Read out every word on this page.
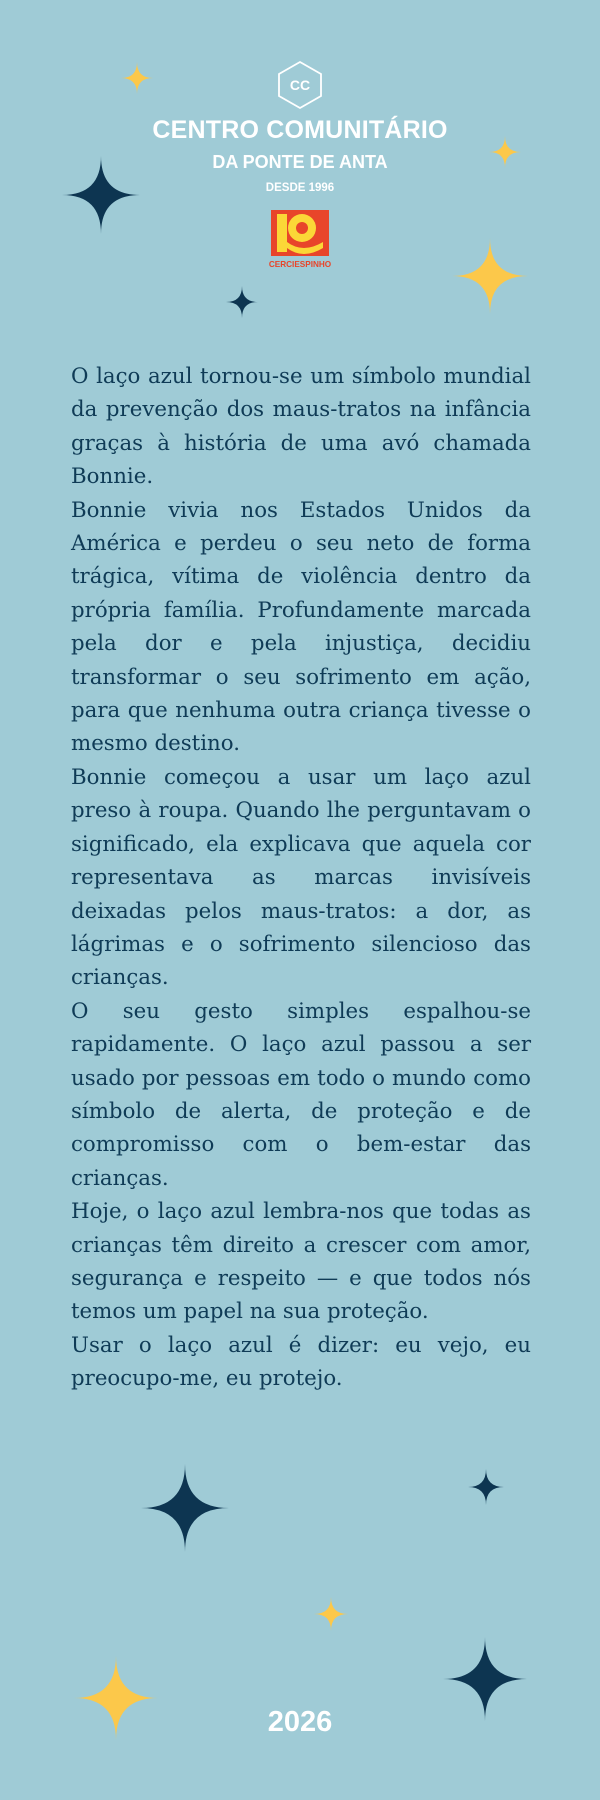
CC
CENTRO COMUNITÁRIO
DA PONTE DE ANTA
DESDE 1996
CERCIESPINHO

O laço azul tornou-se um símbolo mundial da prevenção dos maus-tratos na infância graças à história de uma avó chamada Bonnie.

Bonnie vivia nos Estados Unidos da América e perdeu o seu neto de forma trágica, vítima de violência dentro da própria família. Profundamente marcada pela dor e pela injustiça, decidiu transformar o seu sofrimento em ação, para que nenhuma outra criança tivesse o mesmo destino.

Bonnie começou a usar um laço azul preso à roupa. Quando lhe perguntavam o significado, ela explicava que aquela cor representava as marcas invisíveis deixadas pelos maus-tratos: a dor, as lágrimas e o sofrimento silencioso das crianças.

O seu gesto simples espalhou-se rapidamente. O laço azul passou a ser usado por pessoas em todo o mundo como símbolo de alerta, de proteção e de compromisso com o bem-estar das crianças.

Hoje, o laço azul lembra-nos que todas as crianças têm direito a crescer com amor, segurança e respeito — e que todos nós temos um papel na sua proteção.

Usar o laço azul é dizer: eu vejo, eu preocupo-me, eu protejo.

2026
